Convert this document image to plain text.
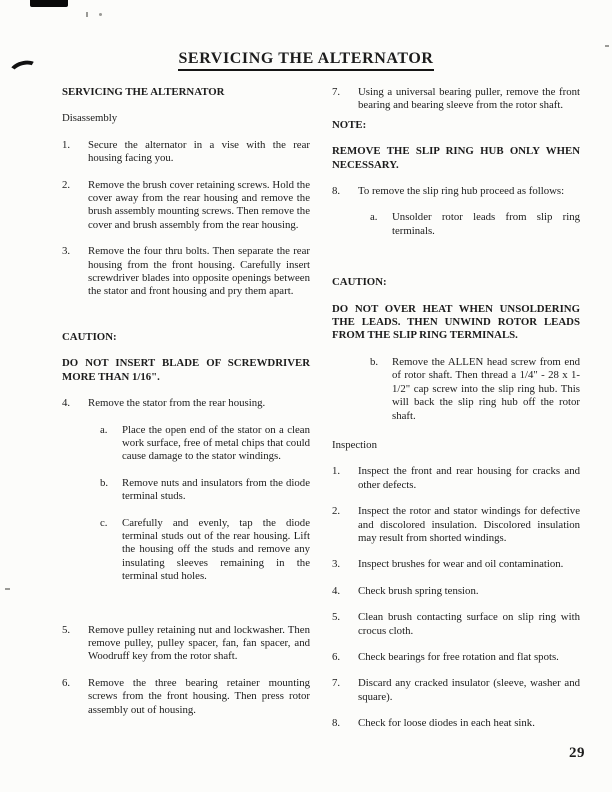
SERVICING THE ALTERNATOR
SERVICING THE ALTERNATOR
Disassembly
1. Secure the alternator in a vise with the rear housing facing you.
2. Remove the brush cover retaining screws. Hold the cover away from the rear housing and remove the brush assembly mounting screws. Then remove the cover and brush assembly from the rear housing.
3. Remove the four thru bolts. Then separate the rear housing from the front housing. Carefully insert screwdriver blades into opposite openings between the stator and front housing and pry them apart.
CAUTION:
DO NOT INSERT BLADE OF SCREWDRIVER MORE THAN 1/16".
4. Remove the stator from the rear housing.
a. Place the open end of the stator on a clean work surface, free of metal chips that could cause damage to the stator windings.
b. Remove nuts and insulators from the diode terminal studs.
c. Carefully and evenly, tap the diode terminal studs out of the rear housing. Lift the housing off the studs and remove any insulating sleeves remaining in the terminal stud holes.
5. Remove pulley retaining nut and lockwasher. Then remove pulley, pulley spacer, fan, fan spacer, and Woodruff key from the rotor shaft.
6. Remove the three bearing retainer mounting screws from the front housing. Then press rotor assembly out of housing.
7. Using a universal bearing puller, remove the front bearing and bearing sleeve from the rotor shaft.
NOTE:
REMOVE THE SLIP RING HUB ONLY WHEN NECESSARY.
8. To remove the slip ring hub proceed as follows:
a. Unsolder rotor leads from slip ring terminals.
CAUTION:
DO NOT OVER HEAT WHEN UNSOLDERING THE LEADS. THEN UNWIND ROTOR LEADS FROM THE SLIP RING TERMINALS.
b. Remove the ALLEN head screw from end of rotor shaft. Then thread a 1/4" - 28 x 1-1/2" cap screw into the slip ring hub. This will back the slip ring hub off the rotor shaft.
Inspection
1. Inspect the front and rear housing for cracks and other defects.
2. Inspect the rotor and stator windings for defective and discolored insulation. Discolored insulation may result from shorted windings.
3. Inspect brushes for wear and oil contamination.
4. Check brush spring tension.
5. Clean brush contacting surface on slip ring with crocus cloth.
6. Check bearings for free rotation and flat spots.
7. Discard any cracked insulator (sleeve, washer and square).
8. Check for loose diodes in each heat sink.
29
